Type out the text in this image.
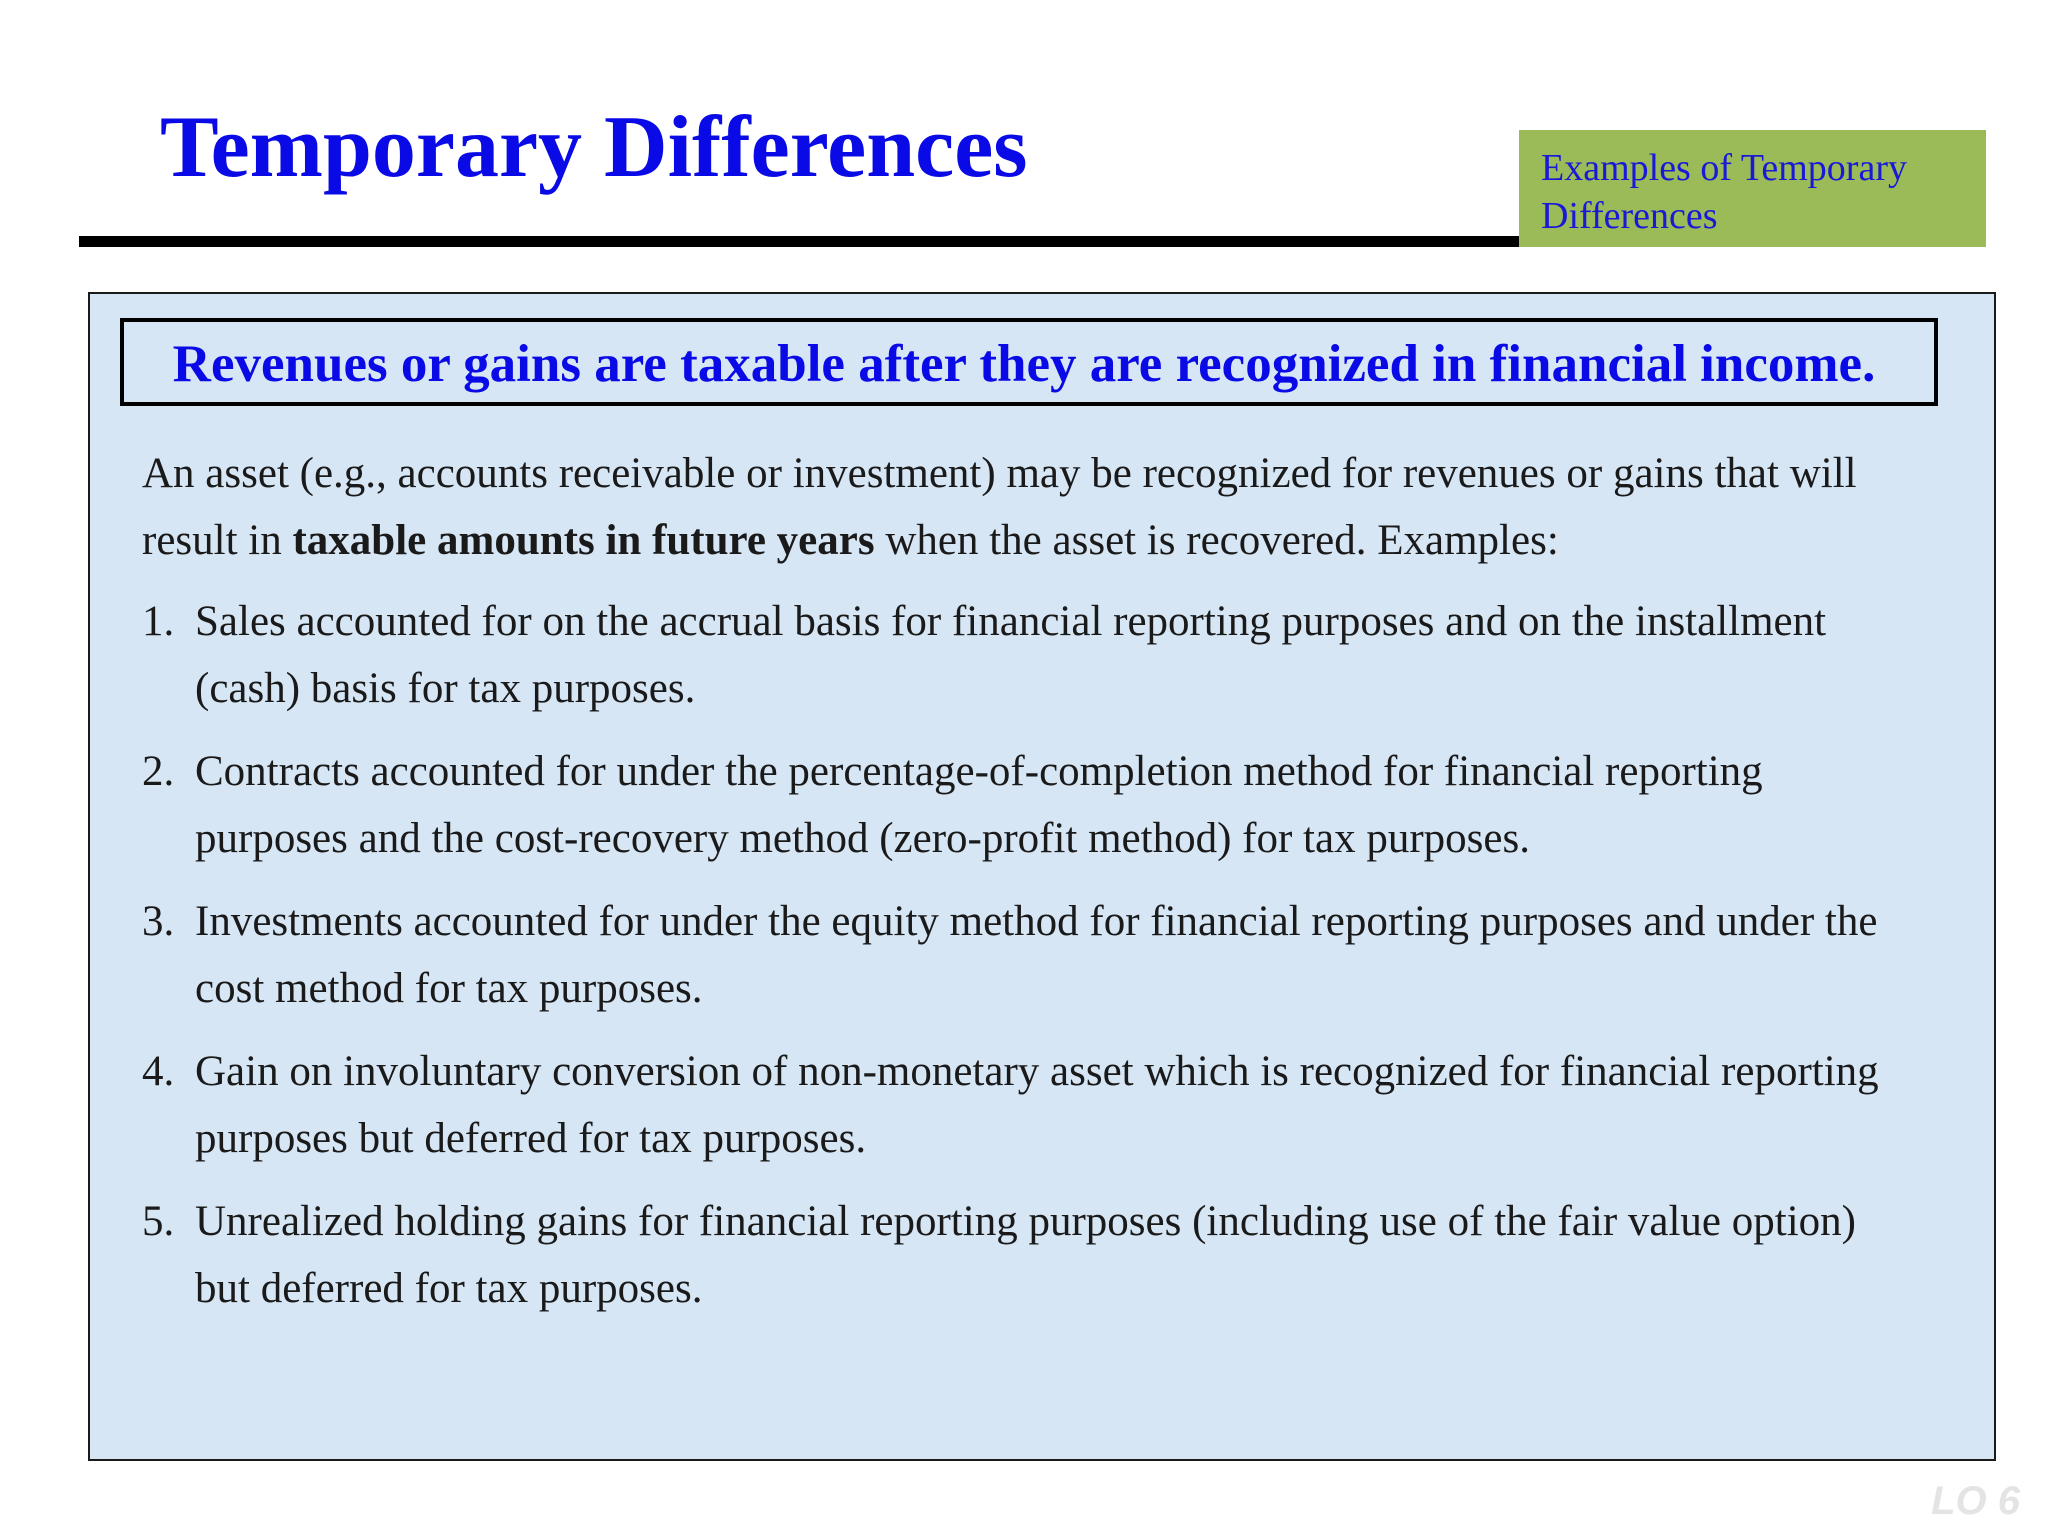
Temporary Differences	Examples of Temporary Differences

Revenues or gains are taxable after they are recognized in financial income.

An asset (e.g., accounts receivable or investment) may be recognized for revenues or gains that will result in taxable amounts in future years when the asset is recovered. Examples:

1. Sales accounted for on the accrual basis for financial reporting purposes and on the installment (cash) basis for tax purposes.
2. Contracts accounted for under the percentage-of-completion method for financial reporting purposes and the cost-recovery method (zero-profit method) for tax purposes.
3. Investments accounted for under the equity method for financial reporting purposes and under the cost method for tax purposes.
4. Gain on involuntary conversion of non-monetary asset which is recognized for financial reporting purposes but deferred for tax purposes.
5. Unrealized holding gains for financial reporting purposes (including use of the fair value option) but deferred for tax purposes.
LO 6
